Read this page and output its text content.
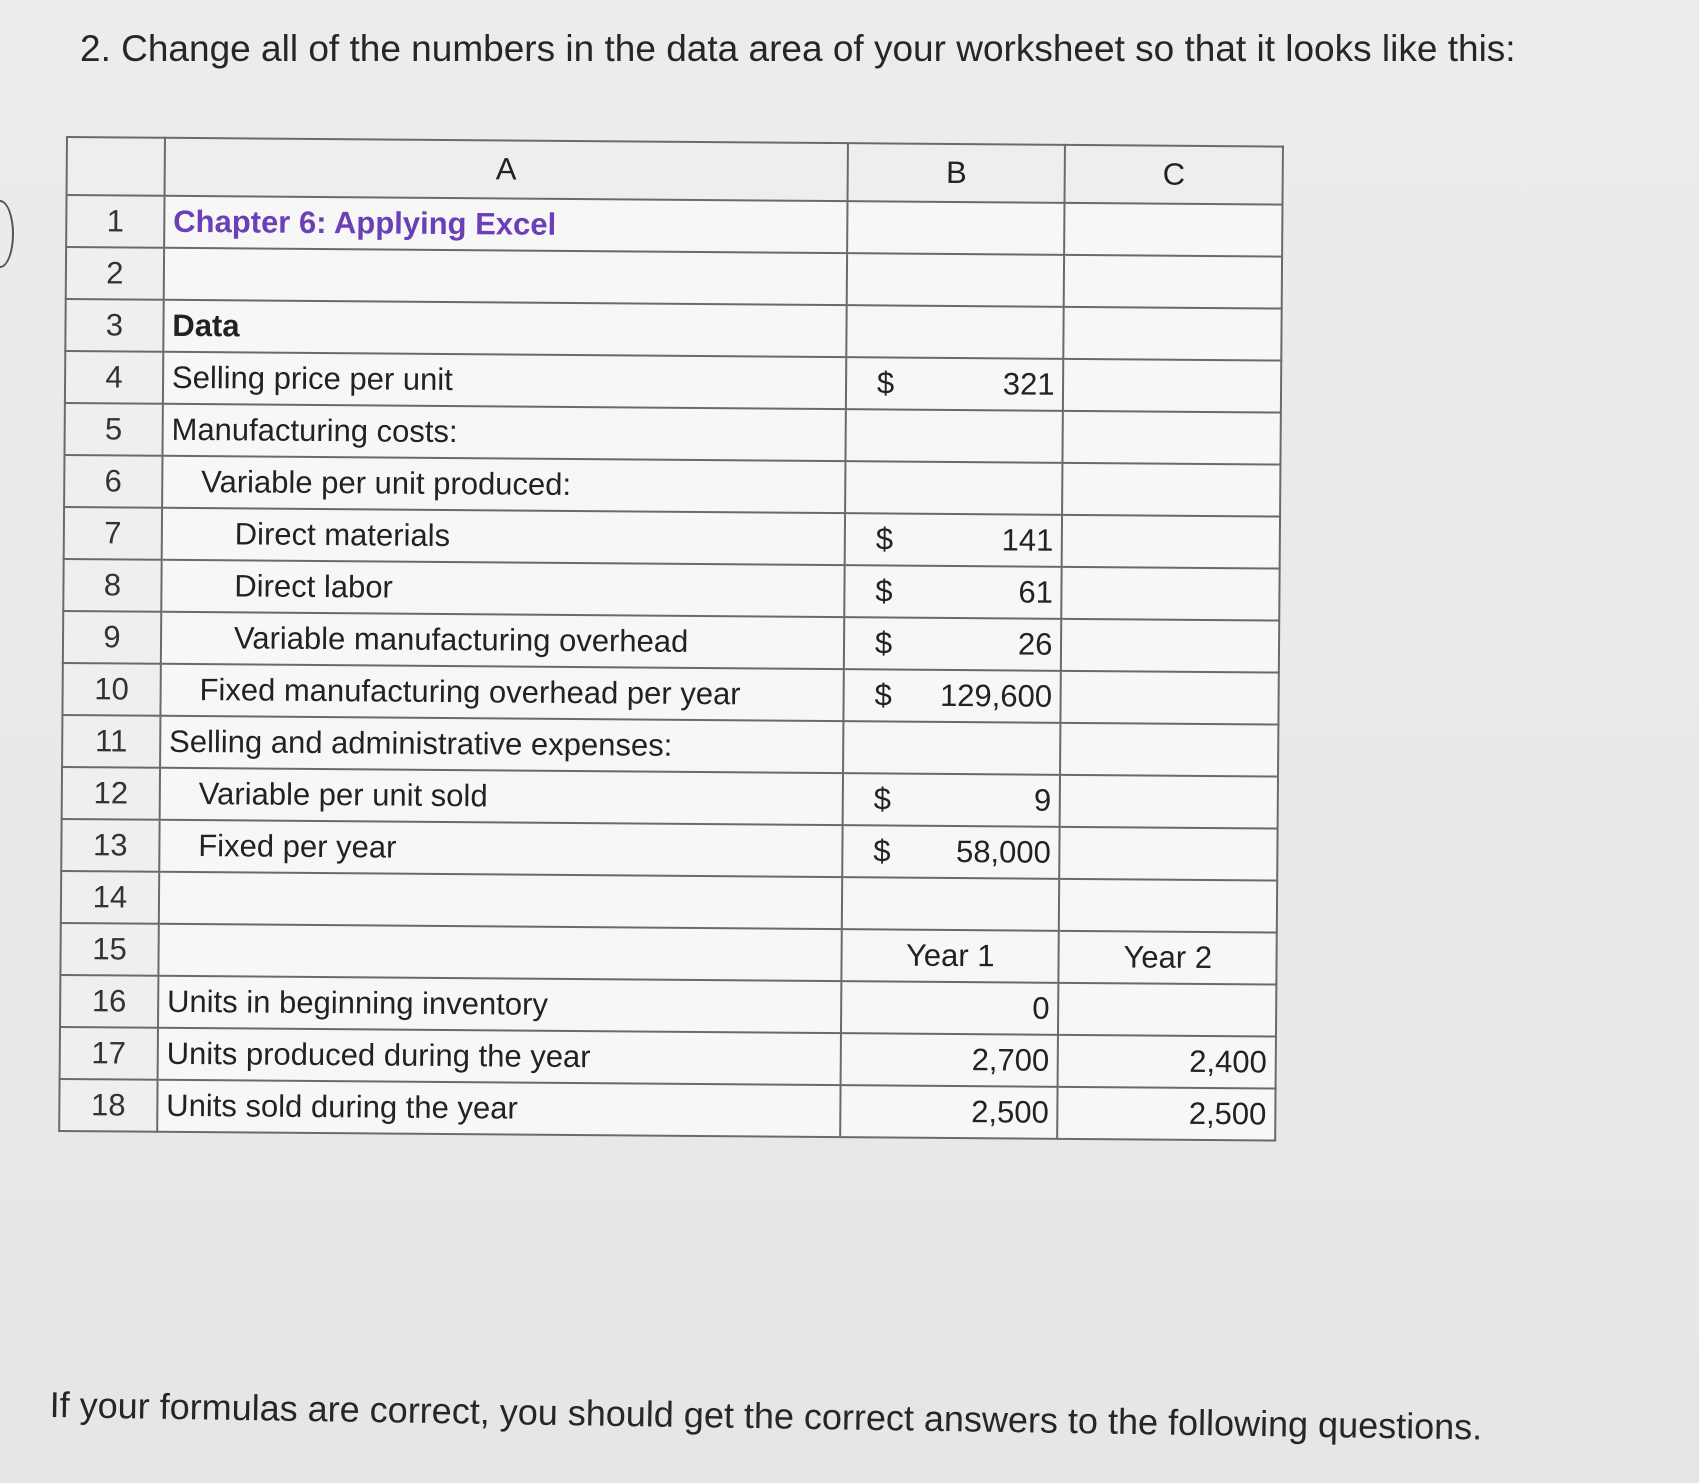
2. Change all of the numbers in the data area of your worksheet so that it looks like this:
	A	B	C
1	Chapter 6: Applying Excel		
2			
3	Data		
4	Selling price per unit	$ 321	

5	Manufacturing costs:		
6	Variable per unit produced:		
7	Direct materials	$ 141	

8	Direct labor	$ 61	

9	Variable manufacturing overhead	$ 26	

10	Fixed manufacturing overhead per year	$ 129,600	

11	Selling and administrative expenses:		
12	Variable per unit sold	$ 9	

13	Fixed per year	$ 58,000	

14			
15		Year 1	Year 2
16	Units in beginning inventory	0	
17	Units produced during the year	2,700	2,400
18	Units sold during the year	2,500	2,500
If your formulas are correct, you should get the correct answers to the following questions.
